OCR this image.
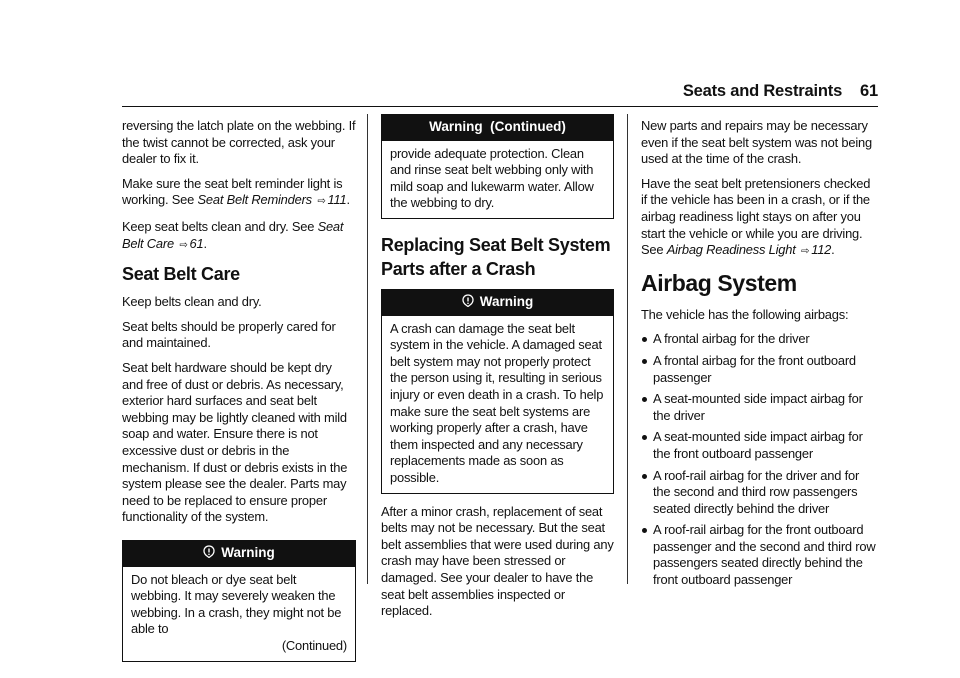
Seats and Restraints 61

reversing the latch plate on the webbing. If the twist cannot be corrected, ask your dealer to fix it.

Make sure the seat belt reminder light is working. See Seat Belt Reminders ⇨ 111.

Keep seat belts clean and dry. See Seat Belt Care ⇨ 61.

Seat Belt Care

Keep belts clean and dry.

Seat belts should be properly cared for and maintained.

Seat belt hardware should be kept dry and free of dust or debris. As necessary, exterior hard surfaces and seat belt webbing may be lightly cleaned with mild soap and water. Ensure there is not excessive dust or debris in the mechanism. If dust or debris exists in the system please see the dealer. Parts may need to be replaced to ensure proper functionality of the system.

Warning

Do not bleach or dye seat belt webbing. It may severely weaken the webbing. In a crash, they might not be able to

(Continued)

Warning  (Continued)

provide adequate protection. Clean and rinse seat belt webbing only with mild soap and lukewarm water. Allow the webbing to dry.

Replacing Seat Belt System Parts after a Crash
Warning

A crash can damage the seat belt system in the vehicle. A damaged seat belt system may not properly protect the person using it, resulting in serious injury or even death in a crash. To help make sure the seat belt systems are working properly after a crash, have them inspected and any necessary replacements made as soon as possible.

After a minor crash, replacement of seat belts may not be necessary. But the seat belt assemblies that were used during any crash may have been stressed or damaged. See your dealer to have the seat belt assemblies inspected or replaced.

New parts and repairs may be necessary even if the seat belt system was not being used at the time of the crash.

Have the seat belt pretensioners checked if the vehicle has been in a crash, or if the airbag readiness light stays on after you start the vehicle or while you are driving. See Airbag Readiness Light ⇨ 112.

Airbag System

The vehicle has the following airbags:

A frontal airbag for the driver
A frontal airbag for the front outboard passenger
A seat-mounted side impact airbag for the driver
A seat-mounted side impact airbag for the front outboard passenger
A roof-rail airbag for the driver and for the second and third row passengers seated directly behind the driver
A roof-rail airbag for the front outboard passenger and the second and third row passengers seated directly behind the front outboard passenger
